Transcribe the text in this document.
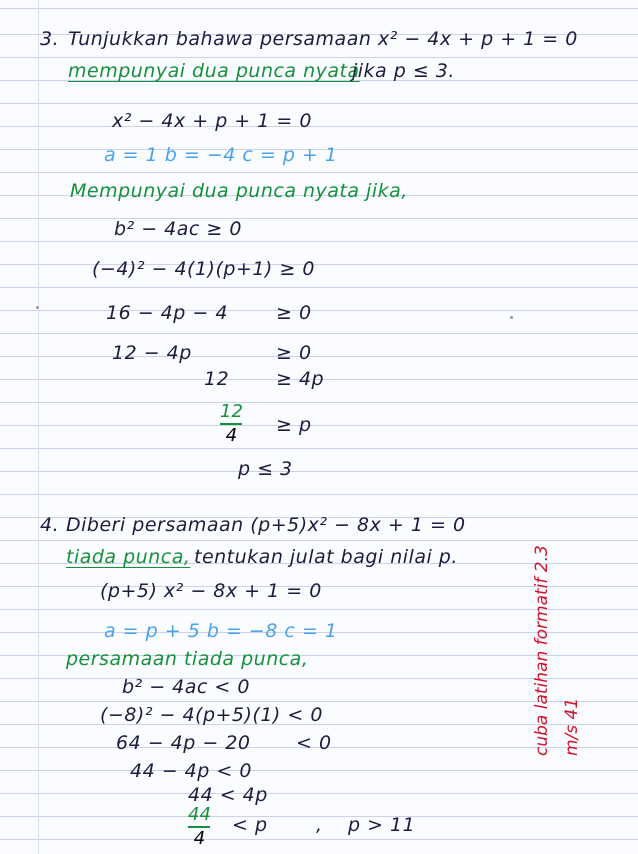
3. Tunjukkan bahawa persamaan x² − 4x + p + 1 = 0
mempunyai dua punca nyata
jika p ≤ 3.
x² − 4x + p + 1 = 0
a = 1 b = −4 c = p + 1
Mempunyai dua punca nyata jika,
b² − 4ac ≥ 0
(−4)² − 4(1)(p+1) ≥ 0
16 − 4p − 4	≥ 0
12 − 4p	≥ 0
12 ≥ 4p
12
4 ≥ p
p ≤ 3
4. Diberi persamaan (p+5)x² − 8x + 1 = 0
tiada punca, tentukan julat bagi nilai p.
(p+5) x² − 8x + 1 = 0
a = p + 5 b = −8 c = 1
persamaan tiada punca,
b² − 4ac < 0
(−8)² − 4(p+5)(1) < 0
64 − 4p − 20 < 0
44 − 4p < 0
44 < 4p
44
4
< p	, p > 11
cuba latihan formatif 2.3 m/s 41
